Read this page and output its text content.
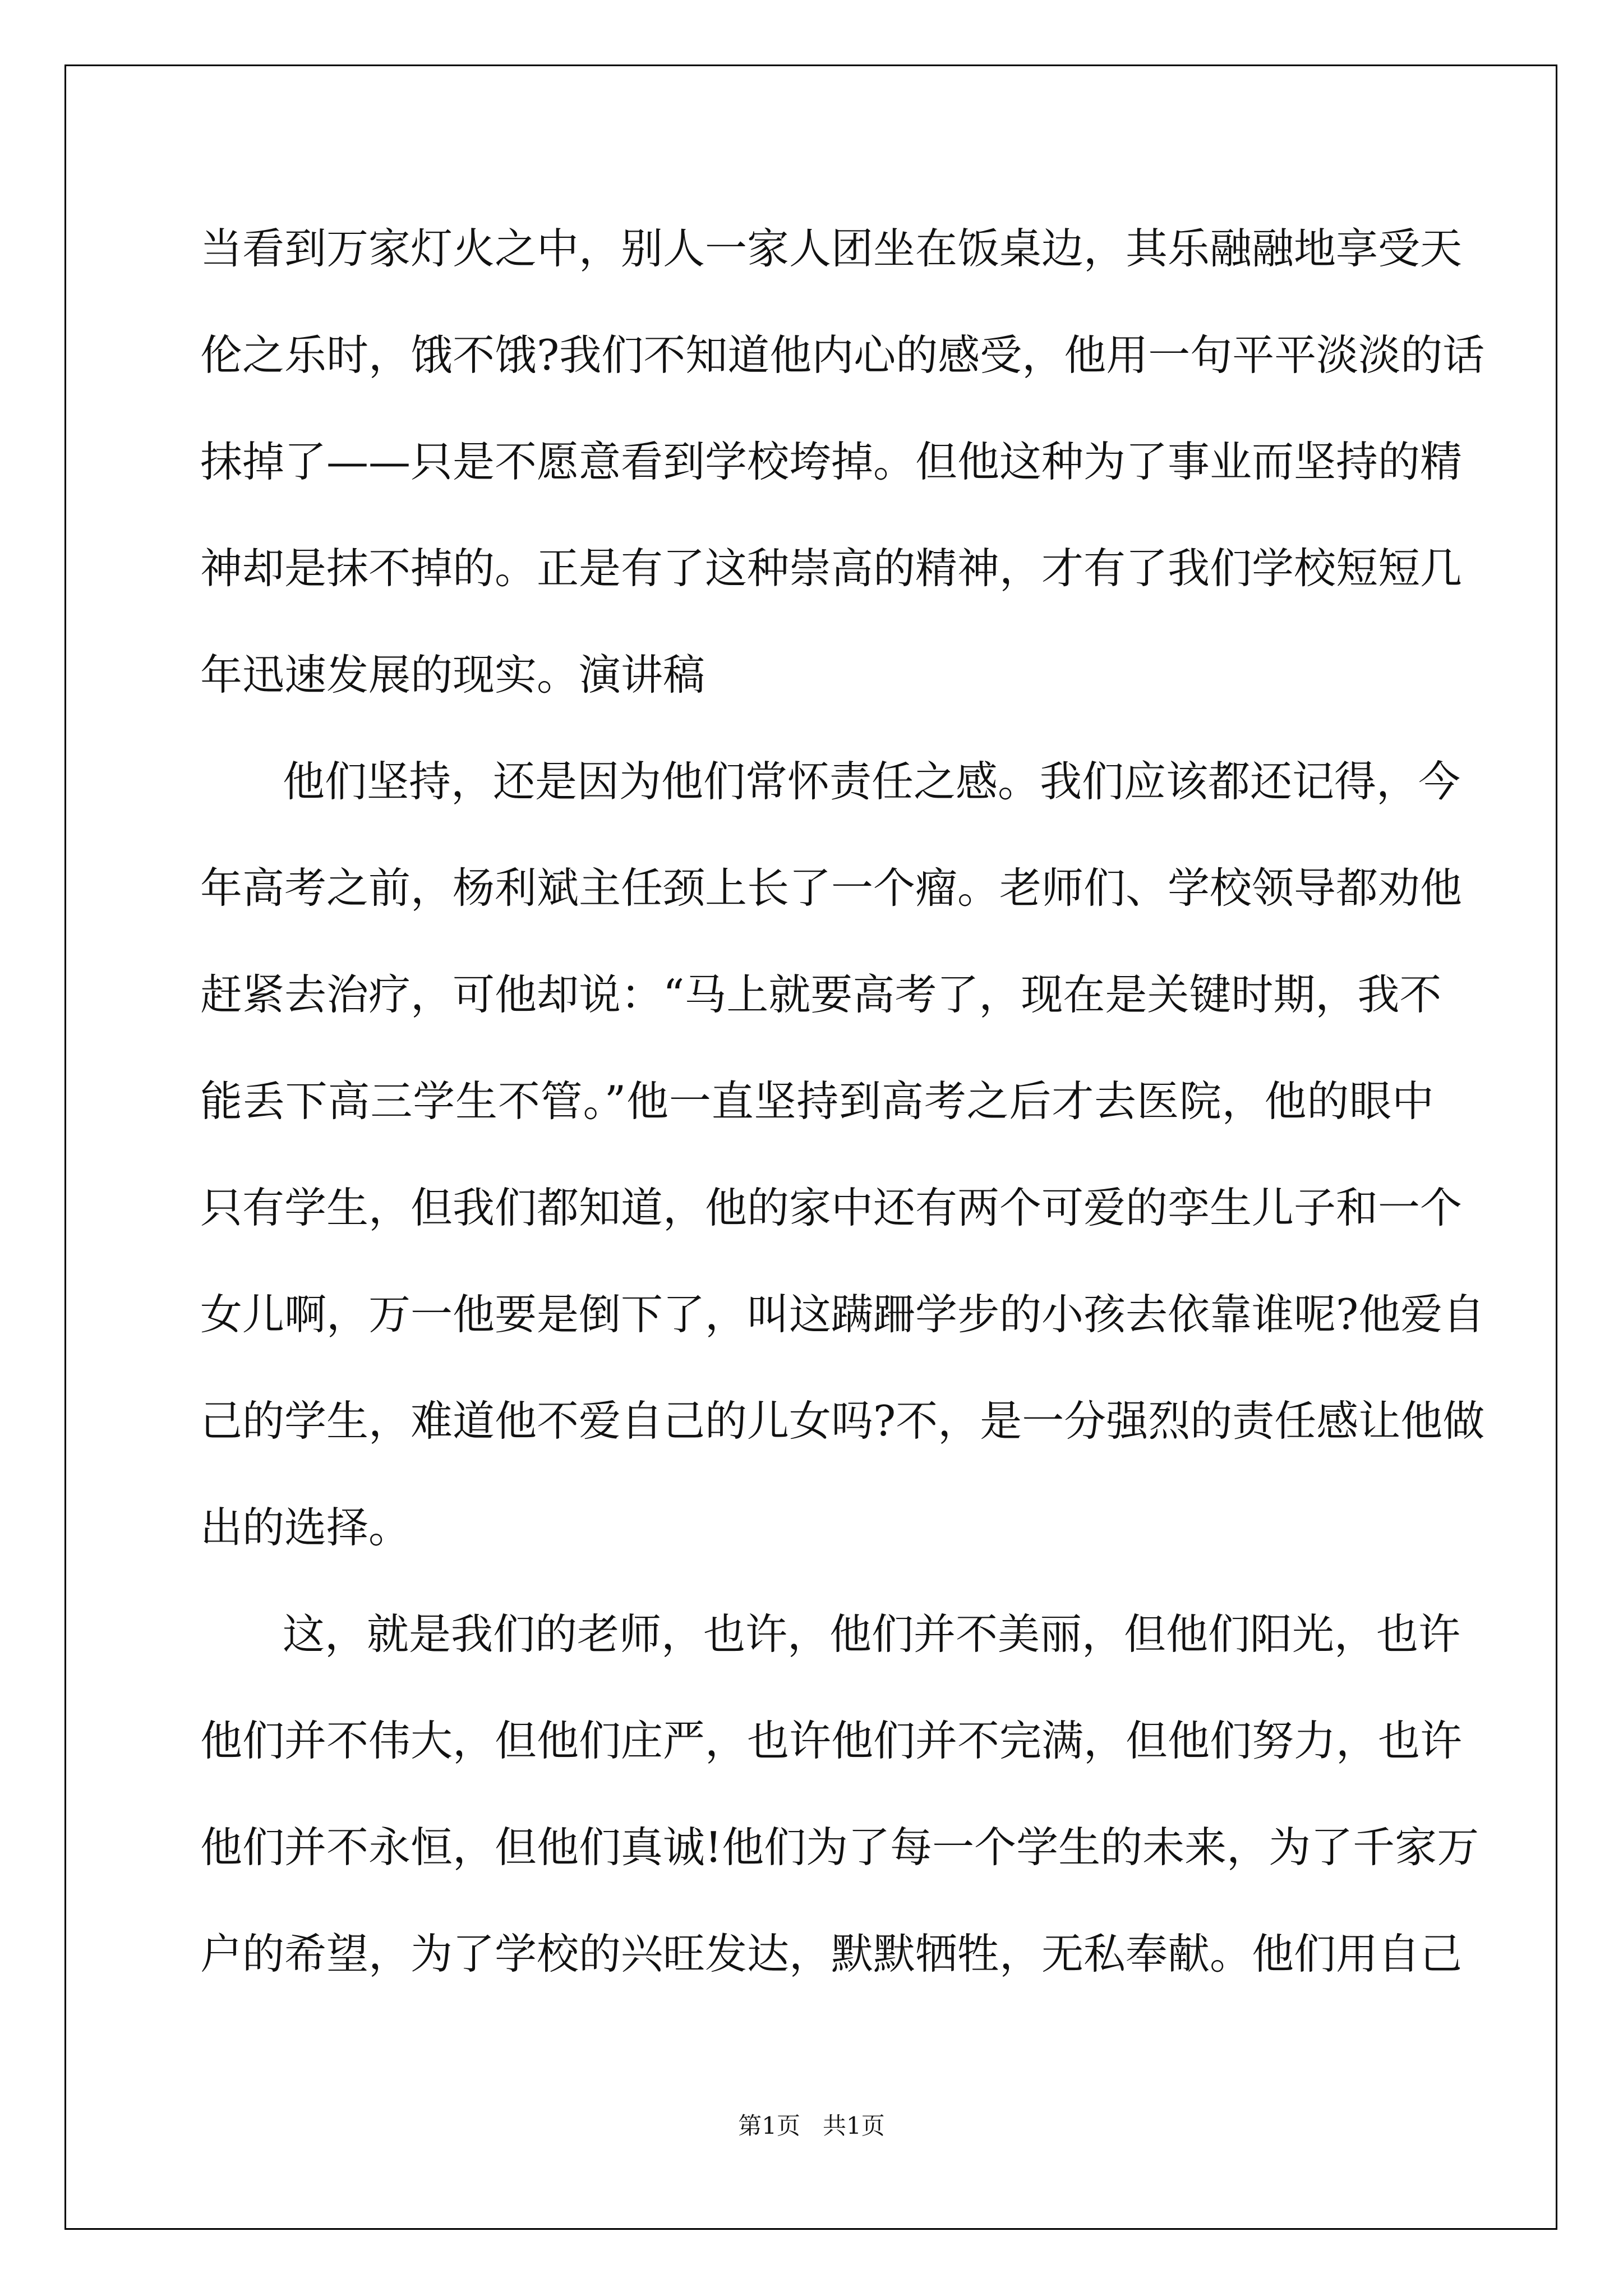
当看到万家灯火之中，别人一家人团坐在饭桌边，其乐融融地享受天
伦之乐时，饿不饿?我们不知道他内心的感受，他用一句平平淡淡的话
抹掉了——只是不愿意看到学校垮掉。但他这种为了事业而坚持的精
神却是抹不掉的。正是有了这种崇高的精神，才有了我们学校短短几
年迅速发展的现实。演讲稿
他们坚持，还是因为他们常怀责任之感。我们应该都还记得，今
年高考之前，杨利斌主任颈上长了一个瘤。老师们、学校领导都劝他
赶紧去治疗，可他却说：“马上就要高考了，现在是关键时期，我不
能丢下高三学生不管。”他一直坚持到高考之后才去医院，他的眼中
只有学生，但我们都知道，他的家中还有两个可爱的孪生儿子和一个
女儿啊，万一他要是倒下了，叫这蹒跚学步的小孩去依靠谁呢?他爱自
己的学生，难道他不爱自己的儿女吗?不，是一分强烈的责任感让他做
出的选择。
这，就是我们的老师，也许，他们并不美丽，但他们阳光，也许
他们并不伟大，但他们庄严，也许他们并不完满，但他们努力，也许
他们并不永恒，但他们真诚!他们为了每一个学生的未来，为了千家万
户的希望，为了学校的兴旺发达，默默牺牲，无私奉献。他们用自己
第1页   共1页
